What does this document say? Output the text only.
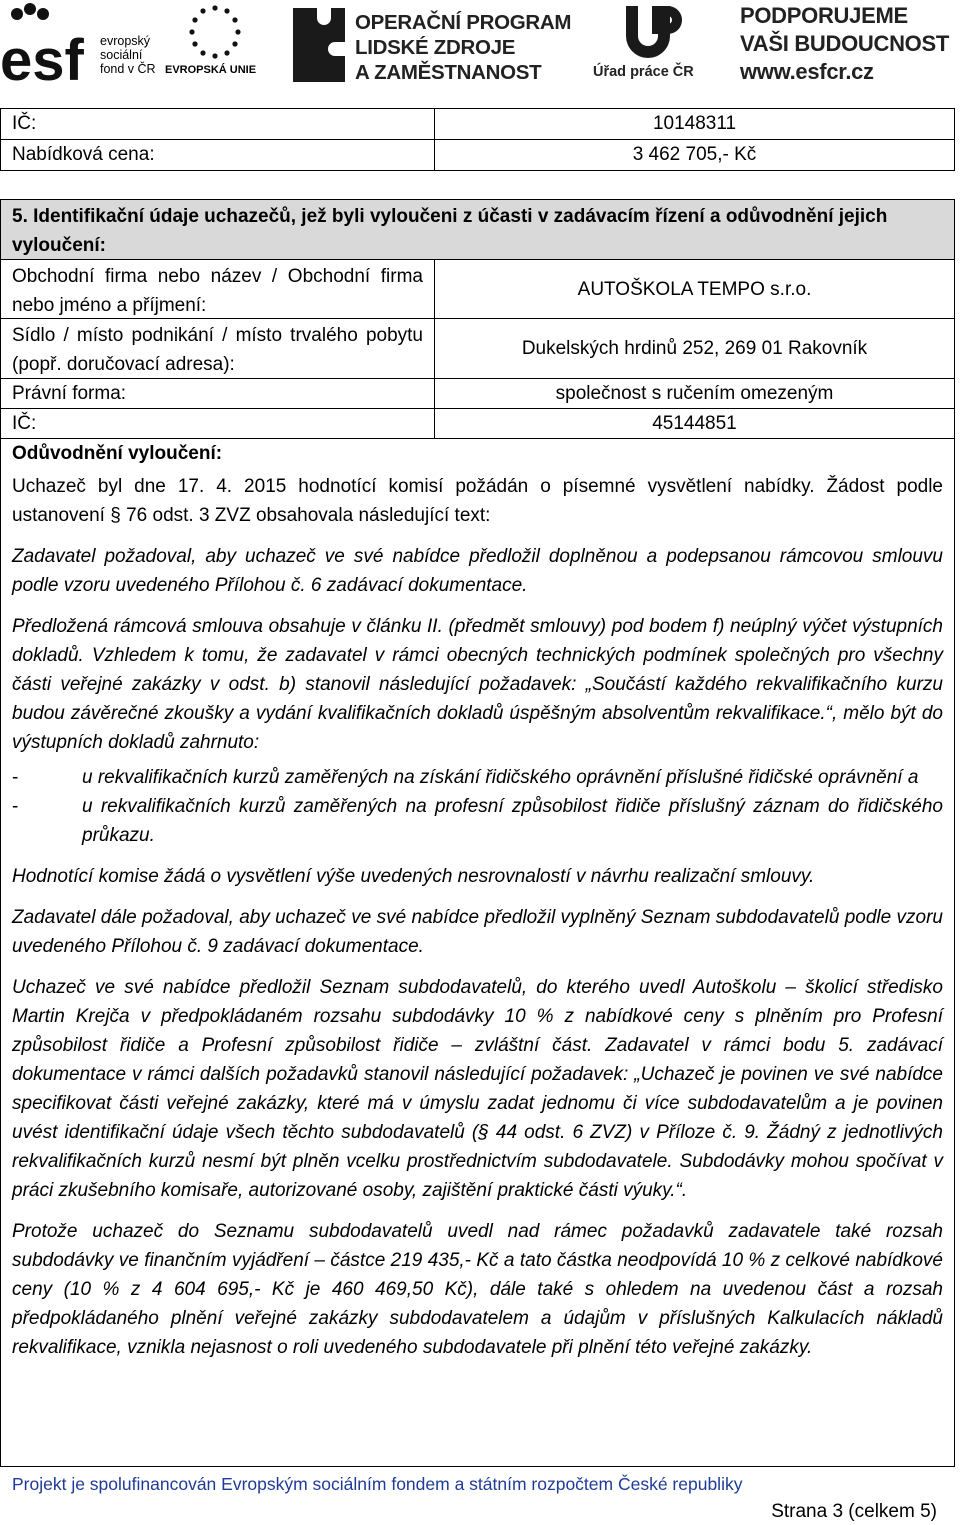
esf evropský
sociální
fond v ČR EVROPSKÁ UNIE
OPERAČNÍ PROGRAM
LIDSKÉ ZDROJE
A ZAMĚSTNANOST	Úřad práce ČR
PODPORUJEME
VAŠI BUDOUCNOST
www.esfcr.cz
IČ:	10148311
Nabídková cena:	3 462 705,- Kč
5. Identifikační údaje uchazečů, jež byli vyloučeni z účasti v zadávacím řízení a odůvodnění jejich vyloučení:
Obchodní firma nebo název / Obchodní firma nebo jméno a příjmení:
AUTOŠKOLA TEMPO s.r.o.
Sídlo / místo podnikání / místo trvalého pobytu (popř. doručovací adresa):
Dukelských hrdinů 252, 269 01 Rakovník
Právní forma:	společnost s ručením omezeným
IČ:	45144851
Odůvodnění vyloučení:

Uchazeč byl dne 17. 4. 2015 hodnotící komisí požádán o písemné vysvětlení nabídky. Žádost podle ustanovení § 76 odst. 3 ZVZ obsahovala následující text:

Zadavatel požadoval, aby uchazeč ve své nabídce předložil doplněnou a podepsanou rámcovou smlouvu podle vzoru uvedeného Přílohou č. 6 zadávací dokumentace.

Předložená rámcová smlouva obsahuje v článku II. (předmět smlouvy) pod bodem f) neúplný výčet výstupních dokladů. Vzhledem k tomu, že zadavatel v rámci obecných technických podmínek společných pro všechny části veřejné zakázky v odst. b) stanovil následující požadavek: „Součástí každého rekvalifikačního kurzu budou závěrečné zkoušky a vydání kvalifikačních dokladů úspěšným absolventům rekvalifikace.“, mělo být do výstupních dokladů zahrnuto:

-	u rekvalifikačních kurzů zaměřených na získání řidičského oprávnění příslušné řidičské oprávnění a
-	u rekvalifikačních kurzů zaměřených na profesní způsobilost řidiče příslušný záznam do řidičského průkazu.

Hodnotící komise žádá o vysvětlení výše uvedených nesrovnalostí v návrhu realizační smlouvy.

Zadavatel dále požadoval, aby uchazeč ve své nabídce předložil vyplněný Seznam subdodavatelů podle vzoru uvedeného Přílohou č. 9 zadávací dokumentace.

Uchazeč ve své nabídce předložil Seznam subdodavatelů, do kterého uvedl Autoškolu – školicí středisko Martin Krejča v předpokládaném rozsahu subdodávky 10 % z nabídkové ceny s plněním pro Profesní způsobilost řidiče a Profesní způsobilost řidiče – zvláštní část. Zadavatel v rámci bodu 5. zadávací dokumentace v rámci dalších požadavků stanovil následující požadavek: „Uchazeč je povinen ve své nabídce specifikovat části veřejné zakázky, které má v úmyslu zadat jednomu či více subdodavatelům a je povinen uvést identifikační údaje všech těchto subdodavatelů (§ 44 odst. 6 ZVZ) v Příloze č. 9. Žádný z jednotlivých rekvalifikačních kurzů nesmí být plněn vcelku prostřednictvím subdodavatele. Subdodávky mohou spočívat v práci zkušebního komisaře, autorizované osoby, zajištění praktické části výuky.“.

Protože uchazeč do Seznamu subdodavatelů uvedl nad rámec požadavků zadavatele také rozsah subdodávky ve finančním vyjádření – částce 219 435,- Kč a tato částka neodpovídá 10 % z celkové nabídkové ceny (10 % z 4 604 695,- Kč je 460 469,50 Kč), dále také s ohledem na uvedenou část a rozsah předpokládaného plnění veřejné zakázky subdodavatelem a údajům v příslušných Kalkulacích nákladů rekvalifikace, vznikla nejasnost o roli uvedeného subdodavatele při plnění této veřejné zakázky.

Projekt je spolufinancován Evropským sociálním fondem a státním rozpočtem České republiky
Strana 3 (celkem 5)
